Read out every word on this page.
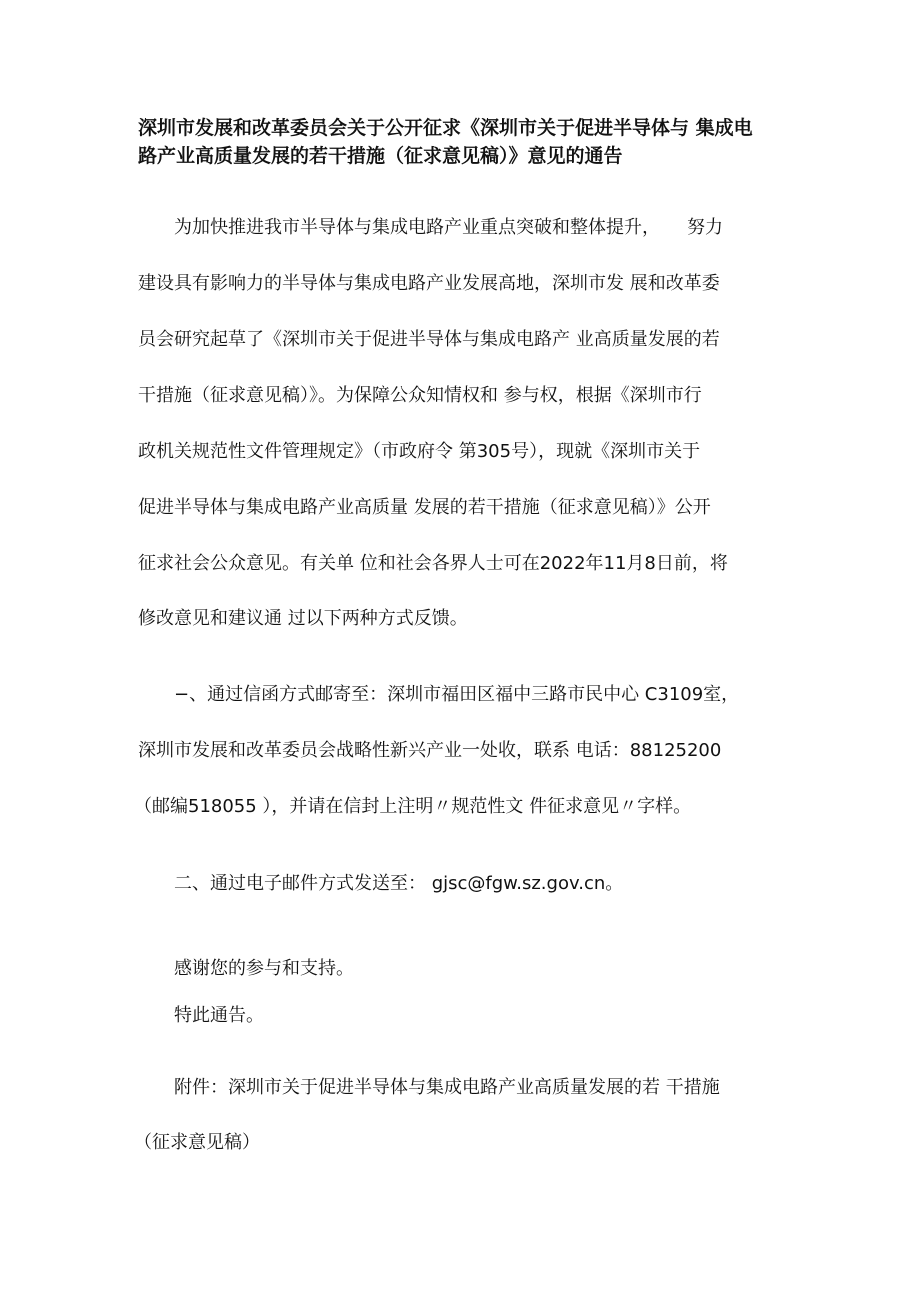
深圳市发展和改革委员会关于公开征求《深圳市关于促进半导体与 集成电
路产业高质量发展的若干措施（征求意见稿）》意见的通告
为加快推进我市半导体与集成电路产业重点突破和整体提升，　　努力
建设具有影响力的半导体与集成电路产业发展高地，深圳市发 展和改革委
员会研究起草了《深圳市关于促进半导体与集成电路产 业高质量发展的若
干措施（征求意见稿）》。为保障公众知情权和 参与权，根据《深圳市行
政机关规范性文件管理规定》（市政府令 第305号），现就《深圳市关于
促进半导体与集成电路产业高质量 发展的若干措施（征求意见稿）》公开
征求社会公众意见。有关单 位和社会各界人士可在2022年11月8日前，将
修改意见和建议通 过以下两种方式反馈。
−、通过信函方式邮寄至：深圳市福田区福中三路市民中心 C3109室，
深圳市发展和改革委员会战略性新兴产业一处收，联系 电话：88125200
（邮编518055 ），并请在信封上注明〃规范性文 件征求意见〃字样。
二、通过电子邮件方式发送至： gjsc@fgw.sz.gov.cn。
感谢您的参与和支持。
特此通告。
附件：深圳市关于促进半导体与集成电路产业高质量发展的若 干措施
（征求意见稿）
